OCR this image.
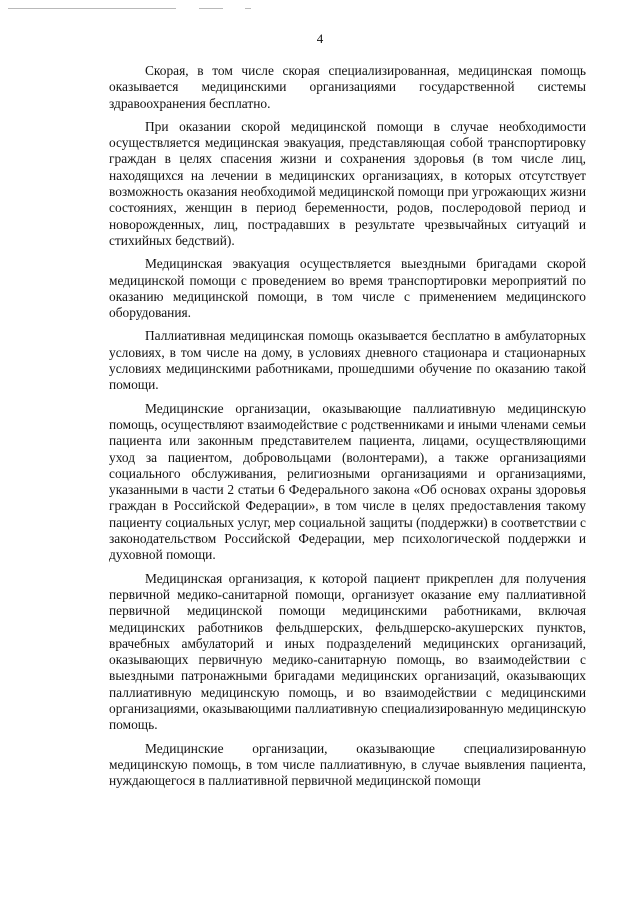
4

Скорая, в том числе скорая специализированная, медицинская помощь оказывается медицинскими организациями государственной системы здравоохранения бесплатно.

При оказании скорой медицинской помощи в случае необходимости осуществляется медицинская эвакуация, представляющая собой транспортировку граждан в целях спасения жизни и сохранения здоровья (в том числе лиц, находящихся на лечении в медицинских организациях, в которых отсутствует возможность оказания необходимой медицинской помощи при угрожающих жизни состояниях, женщин в период беременности, родов, послеродовой период и новорожденных, лиц, пострадавших в результате чрезвычайных ситуаций и стихийных бедствий).

Медицинская эвакуация осуществляется выездными бригадами скорой медицинской помощи с проведением во время транспортировки мероприятий по оказанию медицинской помощи, в том числе с применением медицинского оборудования.

Паллиативная медицинская помощь оказывается бесплатно в амбулаторных условиях, в том числе на дому, в условиях дневного стационара и стационарных условиях медицинскими работниками, прошедшими обучение по оказанию такой помощи.

Медицинские организации, оказывающие паллиативную медицинскую помощь, осуществляют взаимодействие с родственниками и иными членами семьи пациента или законным представителем пациента, лицами, осуществляющими уход за пациентом, добровольцами (волонтерами), а также организациями социального обслуживания, религиозными организациями и организациями, указанными в части 2 статьи 6 Федерального закона «Об основах охраны здоровья граждан в Российской Федерации», в том числе в целях предоставления такому пациенту социальных услуг, мер социальной защиты (поддержки) в соответствии с законодательством Российской Федерации, мер психологической поддержки и духовной помощи.

Медицинская организация, к которой пациент прикреплен для получения первичной медико-санитарной помощи, организует оказание ему паллиативной первичной медицинской помощи медицинскими работниками, включая медицинских работников фельдшерских, фельдшерско-акушерских пунктов, врачебных амбулаторий и иных подразделений медицинских организаций, оказывающих первичную медико-санитарную помощь, во взаимодействии с выездными патронажными бригадами медицинских организаций, оказывающих паллиативную медицинскую помощь, и во взаимодействии с медицинскими организациями, оказывающими паллиативную специализированную медицинскую помощь.

Медицинские организации, оказывающие специализированную медицинскую помощь, в том числе паллиативную, в случае выявления пациента, нуждающегося в паллиативной первичной медицинской помощи
